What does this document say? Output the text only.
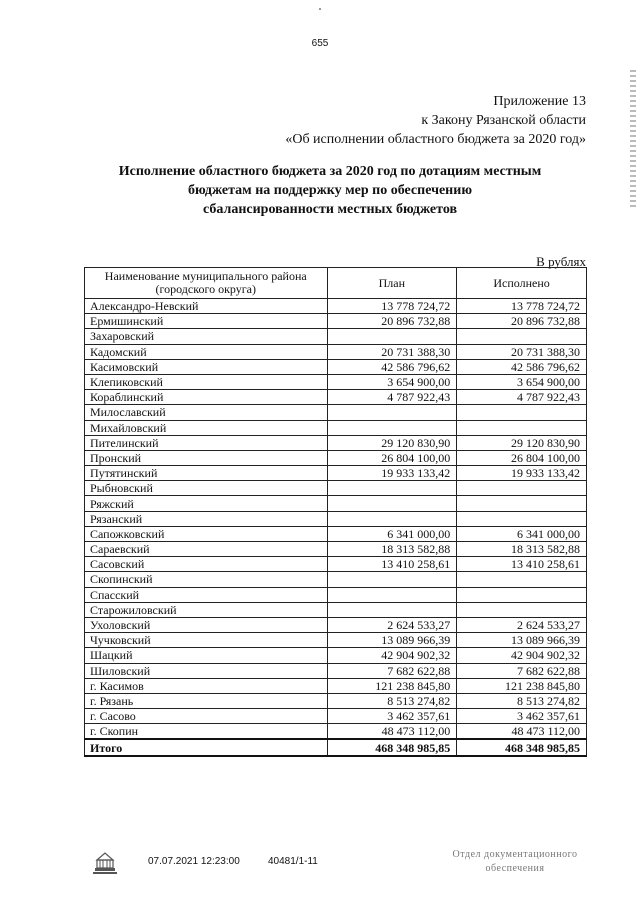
655
Приложение 13
к Закону Рязанской области
«Об исполнении областного бюджета за 2020 год»
Исполнение областного бюджета за 2020 год по дотациям местным
бюджетам на поддержку мер по обеспечению
сбалансированности местных бюджетов
В рублях
Наименование муниципального района (городского округа)	План	Исполнено
Александро-Невский	13 778 724,72	13 778 724,72
Ермишинский	20 896 732,88	20 896 732,88
Захаровский		
Кадомский	20 731 388,30	20 731 388,30
Касимовский	42 586 796,62	42 586 796,62
Клепиковский	3 654 900,00	3 654 900,00
Кораблинский	4 787 922,43	4 787 922,43
Милославский		
Михайловский		
Пителинский	29 120 830,90	29 120 830,90
Пронский	26 804 100,00	26 804 100,00
Путятинский	19 933 133,42	19 933 133,42
Рыбновский		
Ряжский		
Рязанский		
Сапожковский	6 341 000,00	6 341 000,00
Сараевский	18 313 582,88	18 313 582,88
Сасовский	13 410 258,61	13 410 258,61
Скопинский		
Спасский		
Старожиловский		
Ухоловский	2 624 533,27	2 624 533,27
Чучковский	13 089 966,39	13 089 966,39
Шацкий	42 904 902,32	42 904 902,32
Шиловский	7 682 622,88	7 682 622,88
г. Касимов	121 238 845,80	121 238 845,80
г. Рязань	8 513 274,82	8 513 274,82
г. Сасово	3 462 357,61	3 462 357,61
г. Скопин	48 473 112,00	48 473 112,00
Итого	468 348 985,85	468 348 985,85
07.07.2021 12:23:00	40481/1-11
Отдел документационного
обеспечения
